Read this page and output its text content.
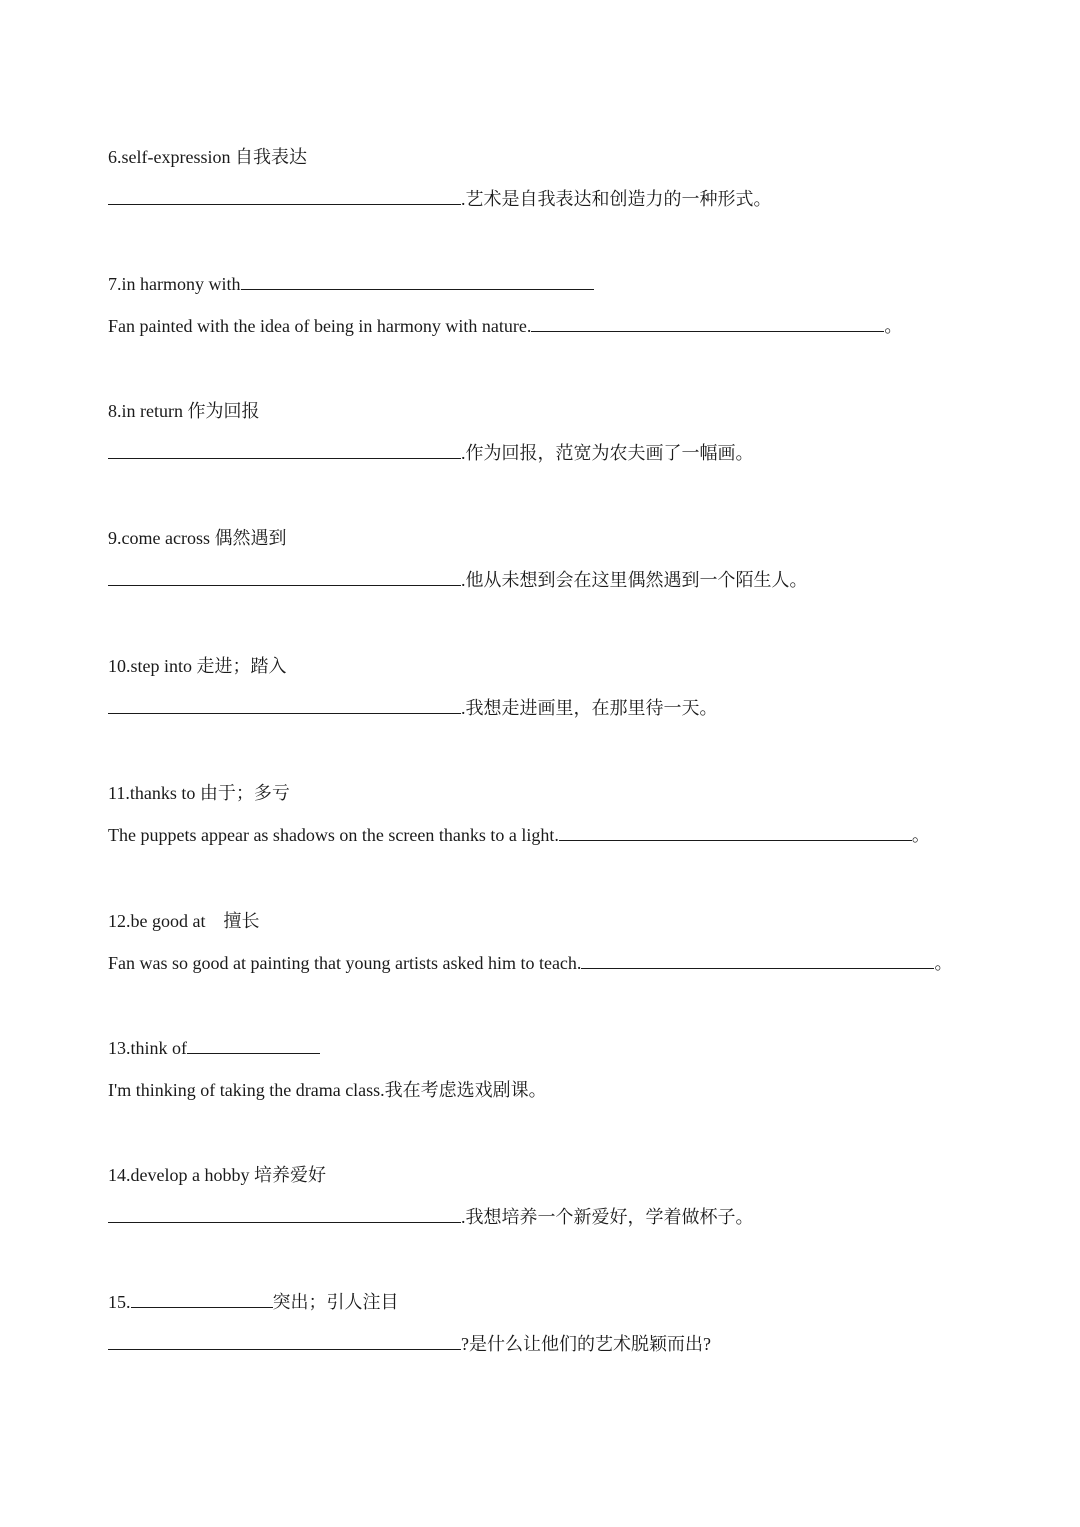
6.self-expression 自我表达
.艺术是自我表达和创造力的一种形式。
7.in harmony with
Fan painted with the idea of being in harmony with nature.	。
8.in return 作为回报
.作为回报，范宽为农夫画了一幅画。
9.come across 偶然遇到
.他从未想到会在这里偶然遇到一个陌生人。
10.step into 走进；踏入
.我想走进画里，在那里待一天。
11.thanks to 由于；多亏
The puppets appear as shadows on the screen thanks to a light.	。
12.be good at　擅长
Fan was so good at painting that young artists asked him to teach.	。
13.think of
I'm thinking of taking the drama class.我在考虑选戏剧课。
14.develop a hobby 培养爱好
.我想培养一个新爱好，学着做杯子。
15.	突出；引人注目
?是什么让他们的艺术脱颖而出?
